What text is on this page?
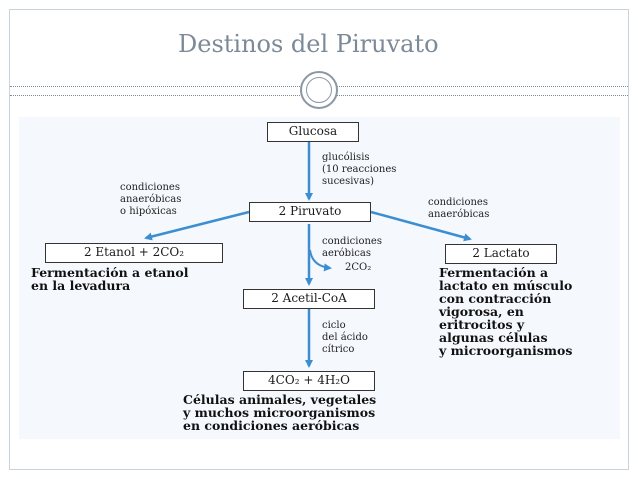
Destinos del Piruvato
Glucosa
2 Piruvato
2 Etanol + 2CO₂	2 Lactato
2 Acetil-CoA
4CO₂ + 4H₂O
glucólisis
(10 reacciones
sucesivas)
condiciones
anaeróbicas
o hipóxicas
condiciones
anaeróbicas
condiciones
aeróbicas
2CO₂
ciclo
del ácido
cítrico
Fermentación a etanol
en la levadura
Fermentación a
lactato en músculo
con contracción
vigorosa, en
eritrocitos y
algunas células
y microorganismos
Células animales, vegetales
y muchos microorganismos
en condiciones aeróbicas
